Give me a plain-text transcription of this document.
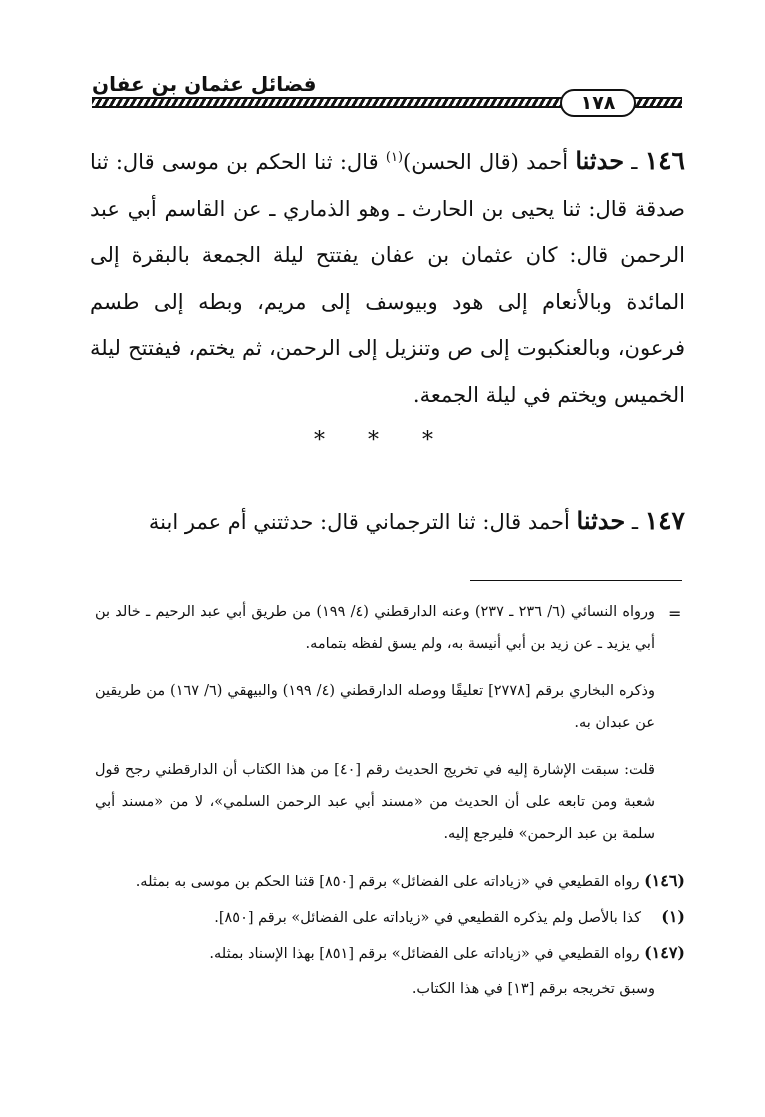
فضائل عثمان بن عفان
١٧٨

١٤٦ ـ حدثنا أحمد (قال الحسن)$^{(١)}$ قال: ثنا الحكم بن موسى قال: ثنا صدقة قال: ثنا يحيى بن الحارث ـ وهو الذماري ـ عن القاسم أبي عبد الرحمن قال: كان عثمان بن عفان يفتتح ليلة الجمعة بالبقرة إلى المائدة وبالأنعام إلى هود وبيوسف إلى مريم، وبطه إلى طسم فرعون، وبالعنكبوت إلى ص وتنزيل إلى الرحمن، ثم يختم، فيفتتح ليلة الخميس ويختم في ليلة الجمعة.

* * *
١٤٧ ـ حدثنا أحمد قال: ثنا الترجماني قال: حدثتني أم عمر ابنة
=
ورواه النسائي (٦/ ٢٣٦ ـ ٢٣٧) وعنه الدارقطني (٤/ ١٩٩) من طريق أبي عبد الرحيم ـ خالد بن أبي يزيد ـ عن زيد بن أبي أنيسة به، ولم يسق لفظه بتمامه.
وذكره البخاري برقم [٢٧٧٨] تعليقًا ووصله الدارقطني (٤/ ١٩٩) والبيهقي (٦/ ١٦٧) من طريقين عن عبدان به.
قلت: سبقت الإشارة إليه في تخريج الحديث رقم [٤٠] من هذا الكتاب أن الدارقطني رجح قول شعبة ومن تابعه على أن الحديث من «مسند أبي عبد الرحمن السلمي»، لا من «مسند أبي سلمة بن عبد الرحمن» فليرجع إليه.
(١٤٦) رواه القطيعي في «زياداته على الفضائل» برقم [٨٥٠] قثنا الحكم بن موسى به بمثله.
(١)كذا بالأصل ولم يذكره القطيعي في «زياداته على الفضائل» برقم [٨٥٠].
(١٤٧) رواه القطيعي في «زياداته على الفضائل» برقم [٨٥١] بهذا الإسناد بمثله.
وسبق تخريجه برقم [١٣] في هذا الكتاب.
